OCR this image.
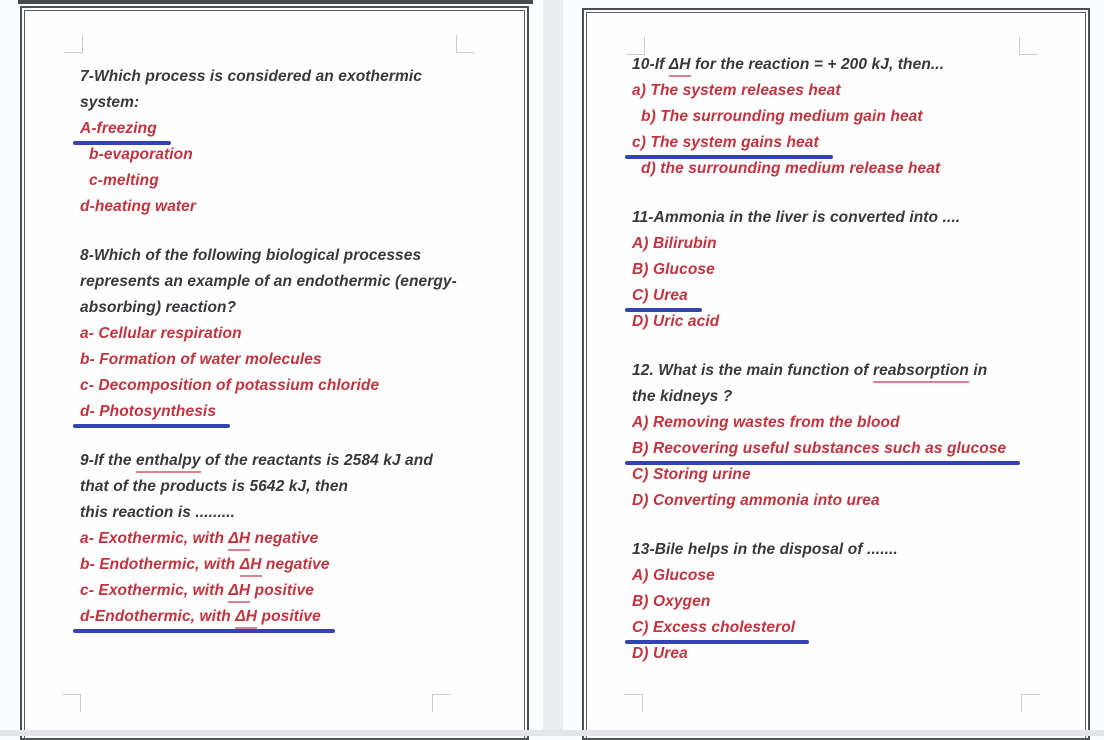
7-Which process is considered an exothermic
system:
A-freezing
b-evaporation
c-melting
d-heating water
8-Which of the following biological processes
represents an example of an endothermic (energy-
absorbing) reaction?
a- Cellular respiration
b- Formation of water molecules
c- Decomposition of potassium chloride
d- Photosynthesis
9-If the enthalpy of the reactants is 2584 kJ and
that of the products is 5642 kJ, then
this reaction is .........
a- Exothermic, with ΔH negative
b- Endothermic, with ΔH negative
c- Exothermic, with ΔH positive
d-Endothermic, with ΔH positive
10-If ΔH for the reaction = + 200 kJ, then...
a) The system releases heat
b) The surrounding medium gain heat
c) The system gains heat
d) the surrounding medium release heat
11-Ammonia in the liver is converted into ....
A) Bilirubin
B) Glucose
C) Urea
D) Uric acid
12. What is the main function of reabsorption in
the kidneys ?
A) Removing wastes from the blood
B) Recovering useful substances such as glucose
C) Storing urine
D) Converting ammonia into urea
13-Bile helps in the disposal of .......
A) Glucose
B) Oxygen
C) Excess cholesterol
D) Urea
